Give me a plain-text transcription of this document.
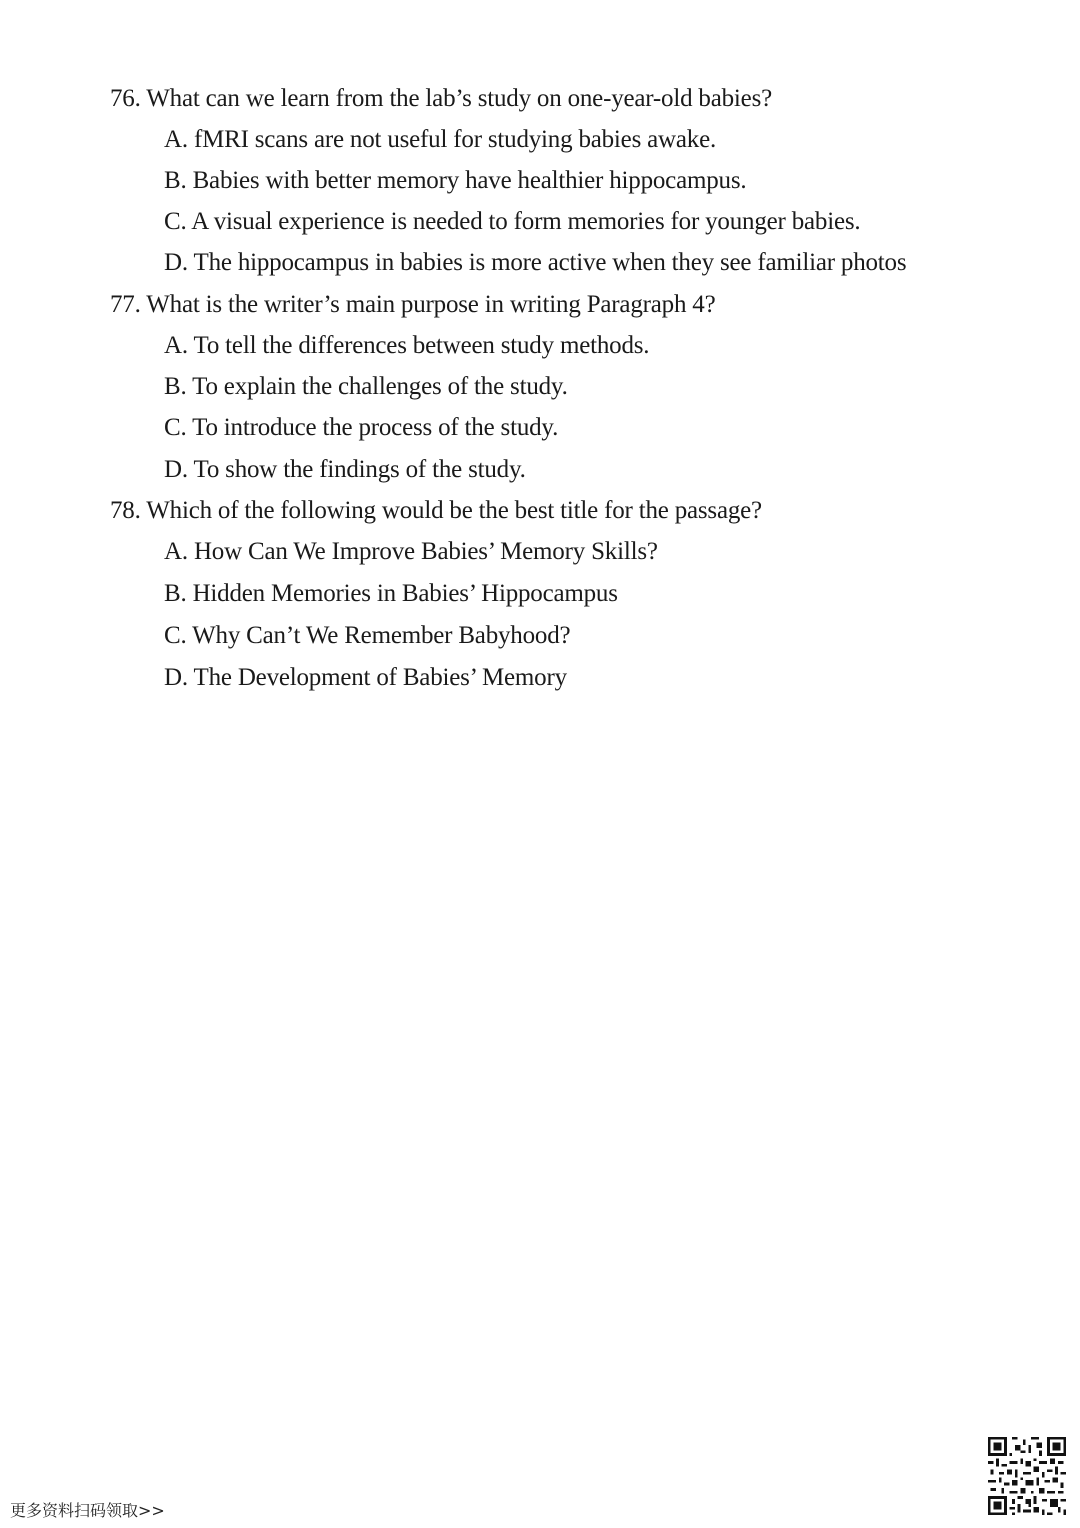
76. What can we learn from the lab’s study on one-year-old babies?
A. fMRI scans are not useful for studying babies awake.
B. Babies with better memory have healthier hippocampus.
C. A visual experience is needed to form memories for younger babies.
D. The hippocampus in babies is more active when they see familiar photos
77. What is the writer’s main purpose in writing Paragraph 4?
A. To tell the differences between study methods.
B. To explain the challenges of the study.
C. To introduce the process of the study.
D. To show the findings of the study.
78. Which of the following would be the best title for the passage?
A. How Can We Improve Babies’ Memory Skills?
B. Hidden Memories in Babies’ Hippocampus
C. Why Can’t We Remember Babyhood?
D. The Development of Babies’ Memory
更多资料扫码领取>>
